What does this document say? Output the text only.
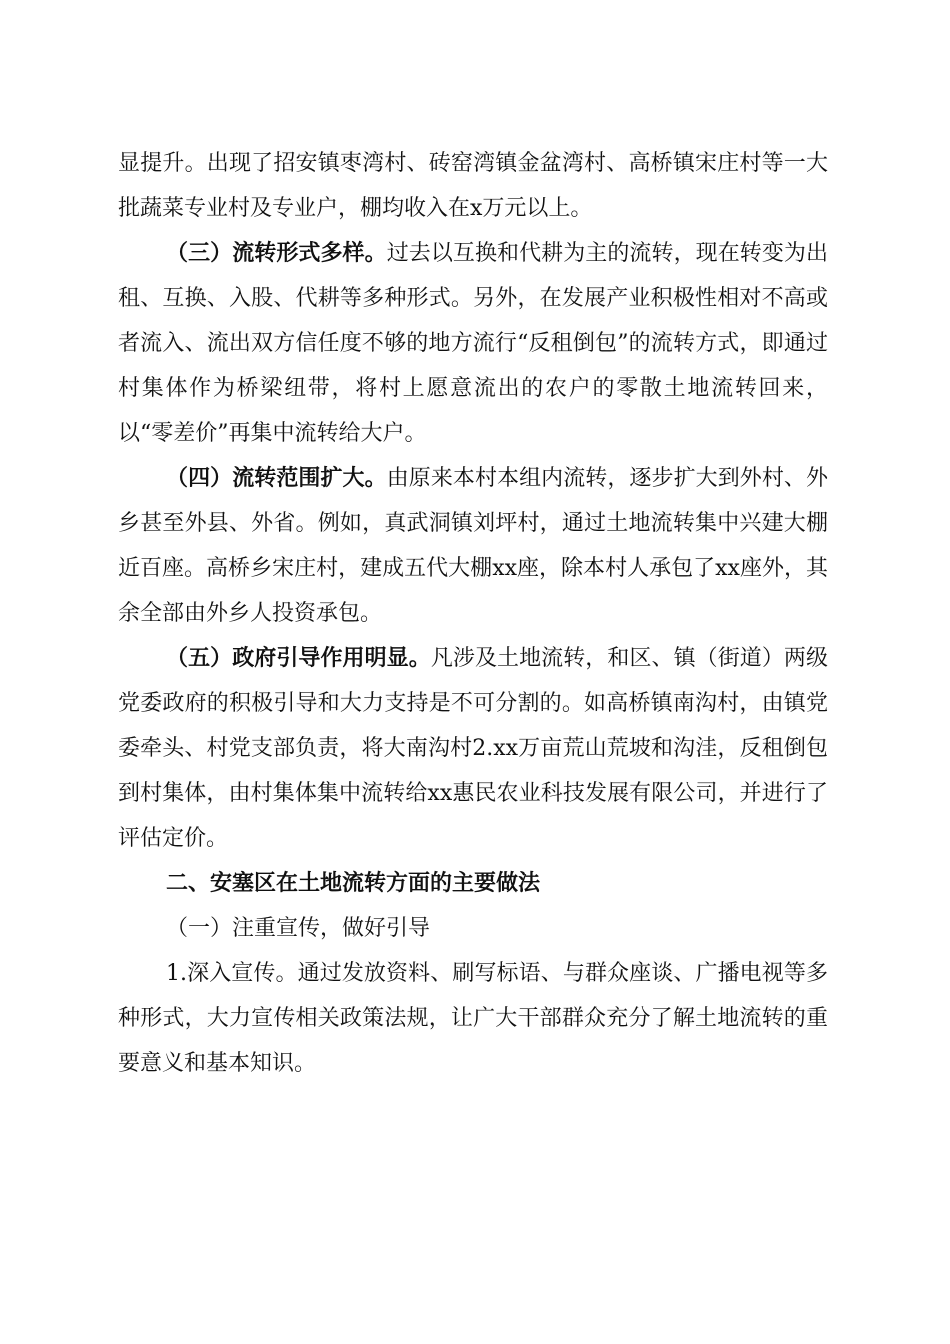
显提升。出现了招安镇枣湾村、砖窑湾镇金盆湾村、高桥镇宋庄村等一大批蔬菜专业村及专业户，棚均收入在x万元以上。

（三）流转形式多样。过去以互换和代耕为主的流转，现在转变为出租、互换、入股、代耕等多种形式。另外，在发展产业积极性相对不高或者流入、流出双方信任度不够的地方流行“反租倒包”的流转方式，即通过村集体作为桥梁纽带，将村上愿意流出的农户的零散土地流转回来，以“零差价”再集中流转给大户。

（四）流转范围扩大。由原来本村本组内流转，逐步扩大到外村、外乡甚至外县、外省。例如，真武洞镇刘坪村，通过土地流转集中兴建大棚近百座。高桥乡宋庄村，建成五代大棚xx座，除本村人承包了xx座外，其余全部由外乡人投资承包。

（五）政府引导作用明显。凡涉及土地流转，和区、镇（街道）两级党委政府的积极引导和大力支持是不可分割的。如高桥镇南沟村，由镇党委牵头、村党支部负责，将大南沟村2.xx万亩荒山荒坡和沟洼，反租倒包到村集体，由村集体集中流转给xx惠民农业科技发展有限公司，并进行了评估定价。

二、安塞区在土地流转方面的主要做法

（一）注重宣传，做好引导

1.深入宣传。通过发放资料、刷写标语、与群众座谈、广播电视等多种形式，大力宣传相关政策法规，让广大干部群众充分了解土地流转的重要意义和基本知识。
